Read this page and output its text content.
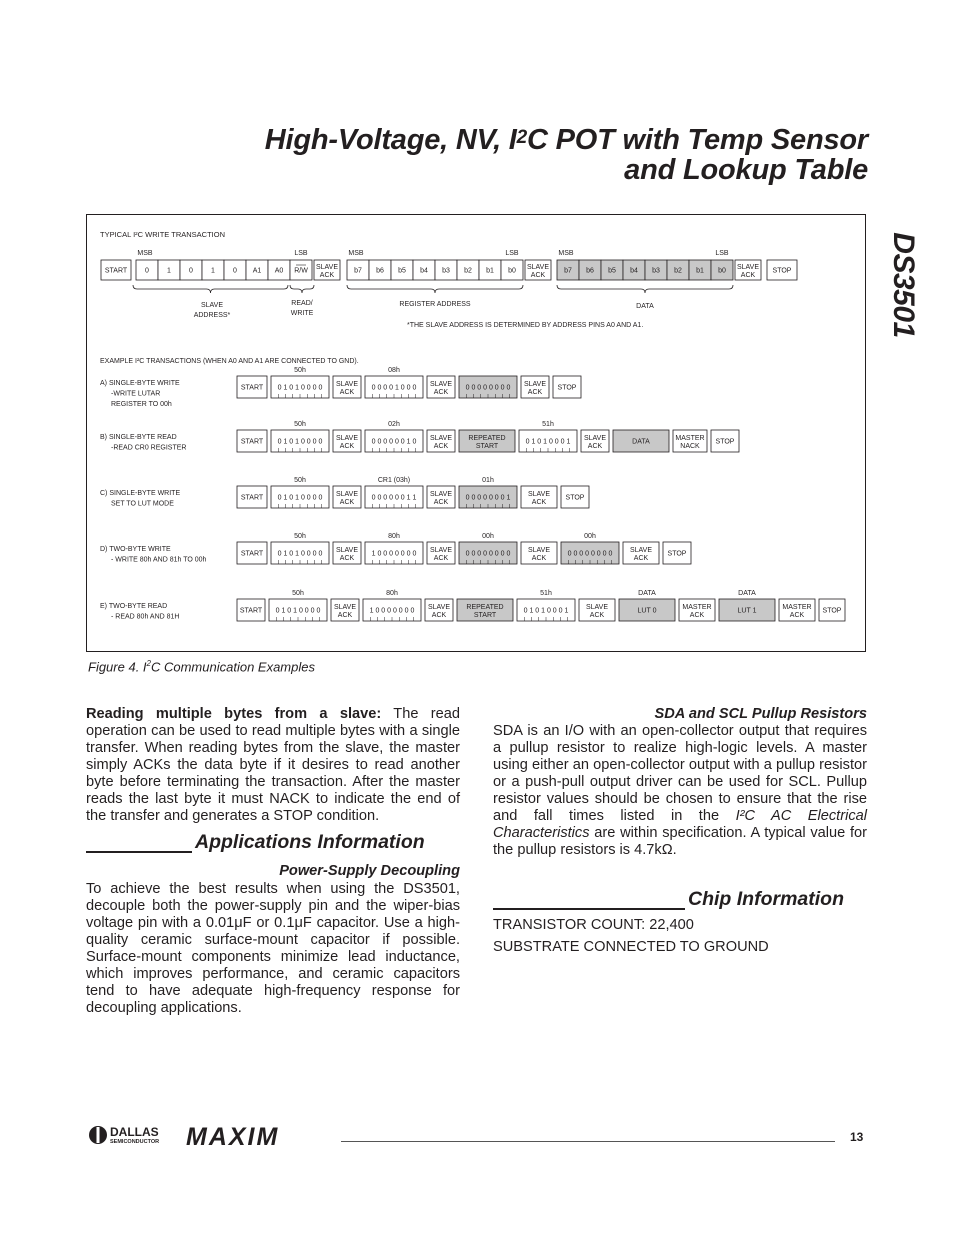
High-Voltage, NV, $I^2C$ POT with Temp Sensor
and Lookup Table
DS3501
TYPICAL I²C WRITE TRANSACTION
START	0	1	0	1	0 A1 A0 R/W
MSB	LSB
SLAVE
ACK
b7 b6 b5 b4 b3 b2 b1 b0
MSB	LSB
SLAVE
ACK
b7 b6 b5 b4 b3 b2 b1 b0
MSB	LSB
SLAVE
ACK
STOP
SLAVE
ADDRESS*
READ/
WRITE
REGISTER ADDRESS	DATA
*THE SLAVE ADDRESS IS DETERMINED BY ADDRESS PINS A0 AND A1.
EXAMPLE I²C TRANSACTIONS (WHEN A0 AND A1 ARE CONNECTED TO GND).
A) SINGLE-BYTE WRITE
-WRITE LUTAR
REGISTER TO 00h
START 0 1 0 1 0 0 0 0
50h
SLAVE
ACK
0 0 0 0 1 0 0 0
08h
SLAVE
ACK
0 0 0 0 0 0 0 0 SLAVE
ACK
STOP
B) SINGLE-BYTE READ
-READ CR0 REGISTER
START 0 1 0 1 0 0 0 0
50h
SLAVE
ACK
0 0 0 0 0 0 1 0
02h
SLAVE
ACK
REPEATED
START
0 1 0 1 0 0 0 1
51h
SLAVE
ACK
DATA	MASTER
NACK
STOP
C) SINGLE-BYTE WRITE
SET TO LUT MODE
START 0 1 0 1 0 0 0 0
50h
SLAVE
ACK
0 0 0 0 0 0 1 1
CR1 (03h)
SLAVE
ACK
0 0 0 0 0 0 0 1
01h
SLAVE
ACK
STOP
D) TWO-BYTE WRITE
- WRITE 80h AND 81h TO 00h
START 0 1 0 1 0 0 0 0
50h
SLAVE
ACK
1 0 0 0 0 0 0 0
80h
SLAVE
ACK
0 0 0 0 0 0 0 0
00h
SLAVE
ACK
0 0 0 0 0 0 0 0
00h
SLAVE
ACK
STOP
E) TWO-BYTE READ
- READ 80h AND 81H
START 0 1 0 1 0 0 0 0
50h
SLAVE
ACK
1 0 0 0 0 0 0 0
80h
SLAVE
ACK
REPEATED
START
0 1 0 1 0 0 0 1
51h
SLAVE
ACK
LUT 0
DATA
MASTER
ACK
LUT 1
DATA
MASTER
ACK
STOP
Figure 4. $I^2C$ Communication Examples

Reading multiple bytes from a slave: The read operation can be used to read multiple bytes with a single transfer. When reading bytes from the slave, the master simply ACKs the data byte if it desires to read another byte before terminating the transaction. After the master reads the last byte it must NACK to indicate the end of the transfer and generates a STOP condition.

Applications Information
Power-Supply Decoupling

To achieve the best results when using the DS3501, decouple both the power-supply pin and the wiper-bias voltage pin with a 0.01μF or 0.1μF capacitor. Use a high-quality ceramic surface-mount capacitor if possible. Surface-mount components minimize lead inductance, which improves performance, and ceramic capacitors tend to have adequate high-frequency response for decoupling applications.

SDA and SCL Pullup Resistors

SDA is an I/O with an open-collector output that requires a pullup resistor to realize high-logic levels. A master using either an open-collector output with a pullup resistor or a push-pull output driver can be used for SCL. Pullup resistor values should be chosen to ensure that the rise and fall times listed in the I²C AC Electrical Characteristics are within specification. A typical value for the pullup resistors is 4.7kΩ.

Chip Information
TRANSISTOR COUNT: 22,400
SUBSTRATE CONNECTED TO GROUND
DALLAS
SEMICONDUCTOR MAXIM	13
